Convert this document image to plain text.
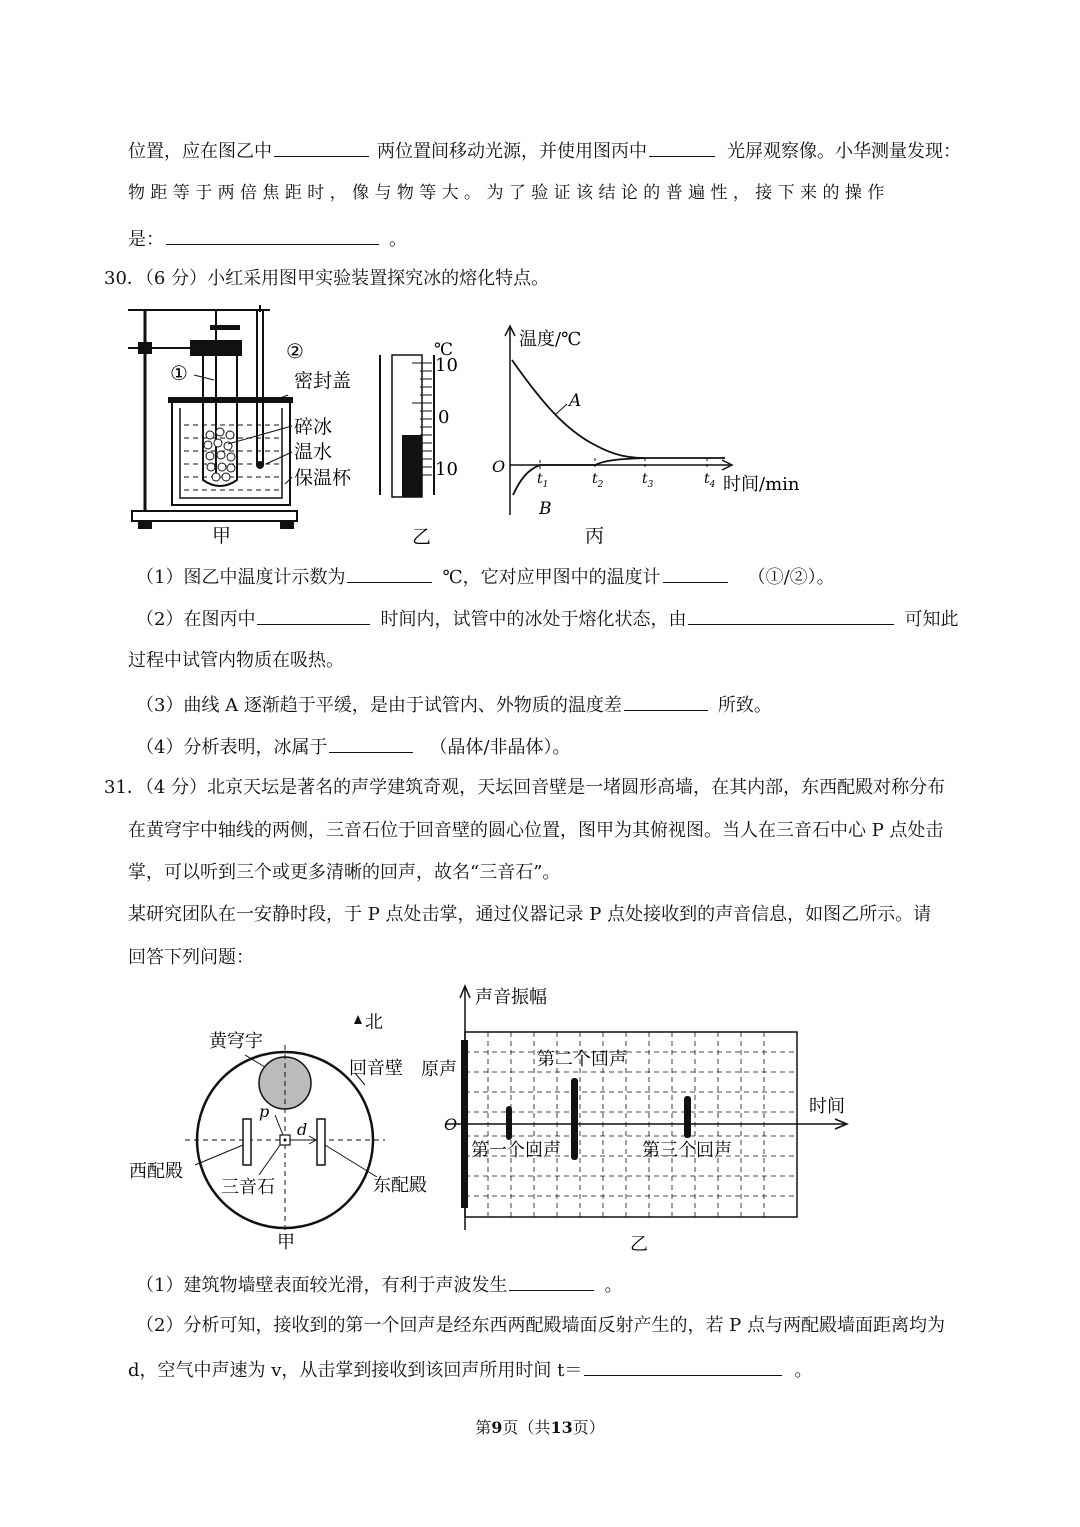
位置，应在图乙中	两位置间移动光源，并使用图丙中	光屏观察像。小华测量发现：
物 距 等 于 两 倍 焦 距 时 ， 像 与 物 等 大 。 为 了 验 证 该 结 论 的 普 遍 性 ， 接 下 来 的 操 作
是：	。
30．（6 分）小红采用图甲实验装置探究冰的熔化特点。
①
②
密封盖
碎冰
温水
保温杯
甲
℃
10
0
10
乙
温度/℃
时间/min
O
A
B
$t_1$	$t_2$	$t_3$	$t_4$
丙
（1）图乙中温度计示数为	℃，它对应甲图中的温度计	（①/②）。
（2）在图丙中	时间内，试管中的冰处于熔化状态，由	可知此
过程中试管内物质在吸热。
（3）曲线 A 逐渐趋于平缓，是由于试管内、外物质的温度差	所致。
（4）分析表明，冰属于	（晶体/非晶体）。
31．（4 分）北京天坛是著名的声学建筑奇观，天坛回音壁是一堵圆形高墙，在其内部，东西配殿对称分布
在黄穹宇中轴线的两侧，三音石位于回音壁的圆心位置，图甲为其俯视图。当人在三音石中心 P 点处击
掌，可以听到三个或更多清晰的回声，故名“三音石”。
某研究团队在一安静时段，于 P 点处击掌，通过仪器记录 P 点处接收到的声音信息，如图乙所示。请
回答下列问题：
北
黄穹宇
回音壁
西配殿
东配殿
三音石
p
d
甲
声音振幅
时间
O
原声	第二个回声
第一个回声	第三个回声
乙
（1）建筑物墙壁表面较光滑，有利于声波发生	。
（2）分析可知，接收到的第一个回声是经东西两配殿墙面反射产生的，若 P 点与两配殿墙面距离均为
d，空气中声速为 v，从击掌到接收到该回声所用时间 t＝	。
第9页（共13页）
